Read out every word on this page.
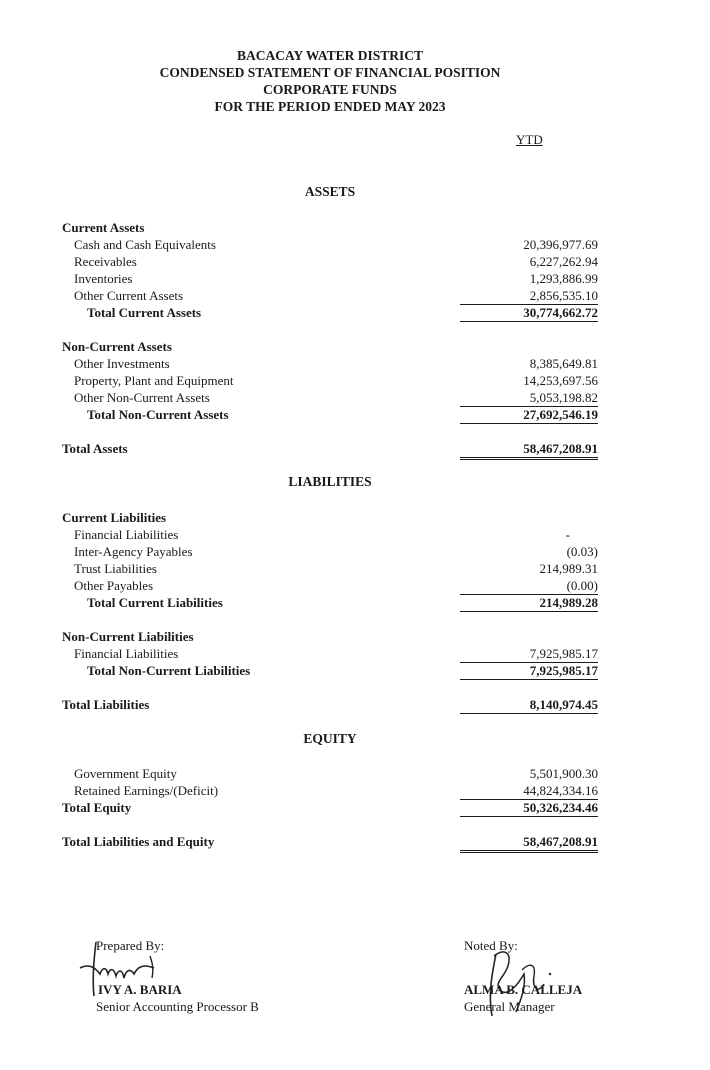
BACACAY WATER DISTRICT
CONDENSED STATEMENT OF FINANCIAL POSITION
CORPORATE FUNDS
FOR THE PERIOD ENDED MAY 2023
YTD
ASSETS
Current Assets
Cash and Cash Equivalents	20,396,977.69
Receivables	6,227,262.94
Inventories	1,293,886.99
Other Current Assets	2,856,535.10
Total Current Assets	30,774,662.72
Non-Current Assets
Other Investments	8,385,649.81
Property, Plant and Equipment	14,253,697.56
Other Non-Current Assets	5,053,198.82
Total Non-Current Assets	27,692,546.19
Total Assets	58,467,208.91
LIABILITIES
Current Liabilities
Financial Liabilities	-
Inter-Agency Payables	(0.03)
Trust Liabilities	214,989.31
Other Payables	(0.00)
Total Current Liabilities	214,989.28
Non-Current Liabilities
Financial Liabilities	7,925,985.17
Total Non-Current Liabilities	7,925,985.17
Total Liabilities	8,140,974.45
EQUITY
Government Equity	5,501,900.30
Retained Earnings/(Deficit)	44,824,334.16
Total Equity	50,326,234.46
Total Liabilities and Equity	58,467,208.91
Prepared By:
IVY A. BARIA
Senior Accounting Processor B
Noted By:
ALMA B. CALLEJA
General Manager
